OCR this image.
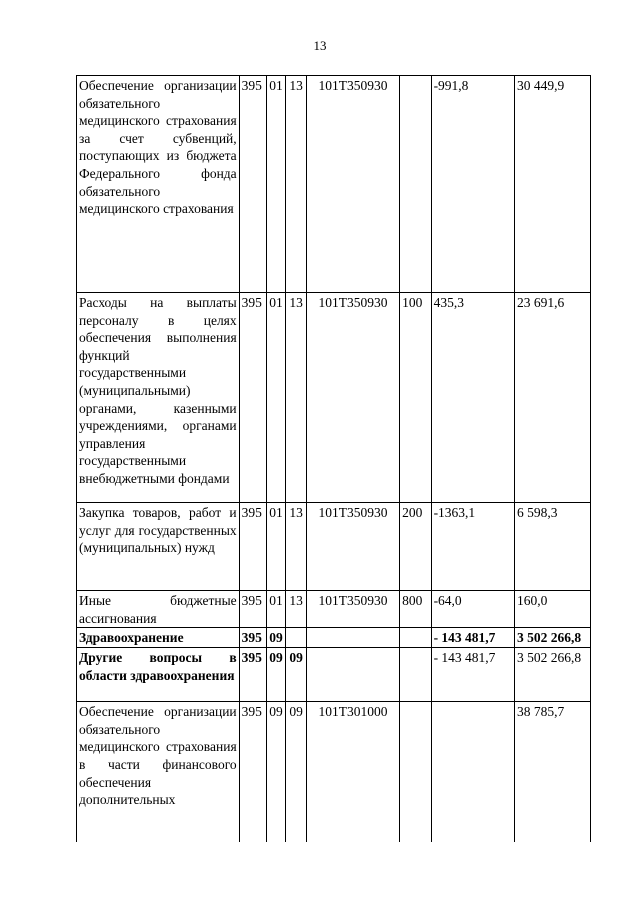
13
Обеспечение организации обязательного медицинского страхования за счет субвенций, поступающих из бюджета Федерального фонда обязательного медицинского страхования	395	01	13	101Т350930		-991,8	30 449,9

Расходы на выплаты персоналу в целях обеспечения выполнения функций государственными (муниципальными) органами, казенными учреждениями, органами управления государственными внебюджетными фондами	395	01	13	101Т350930	100	435,3	23 691,6

Закупка товаров, работ и услуг для государственных (муниципальных) нужд	395	01	13	101Т350930	200	-1363,1	6 598,3

Иные бюджетные ассигнования	395	01	13	101Т350930	800	-64,0	160,0

Здравоохранение	395	09				- 143 481,7	3 502 266,8

Другие вопросы в области здравоохранения	395	09	09			- 143 481,7	3 502 266,8

Обеспечение организации обязательного медицинского страхования в части финансового обеспечения дополнительных	395	09	09	101Т301000			38 785,7
